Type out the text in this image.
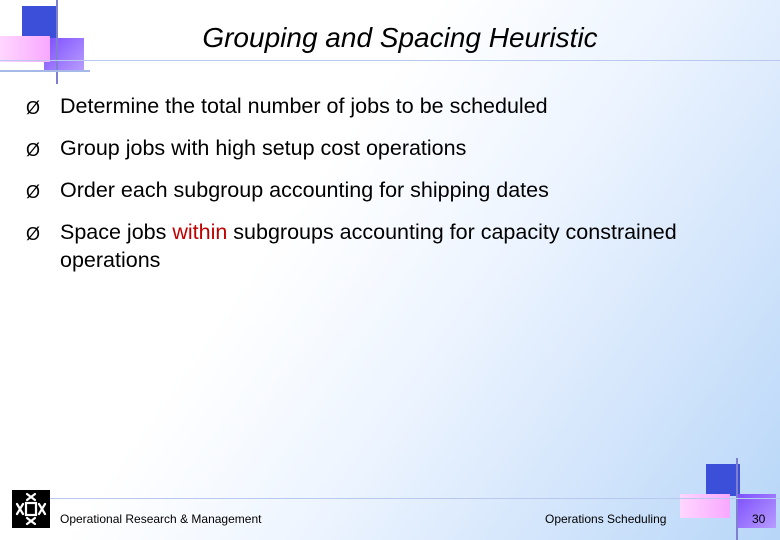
Grouping and Spacing Heuristic
Ø Determine the total number of jobs to be scheduled
Ø Group jobs with high setup cost operations
Ø Order each subgroup accounting for shipping dates
Ø Space jobs within subgroups accounting for capacity constrained operations
Operational Research & Management	Operations Scheduling	30
